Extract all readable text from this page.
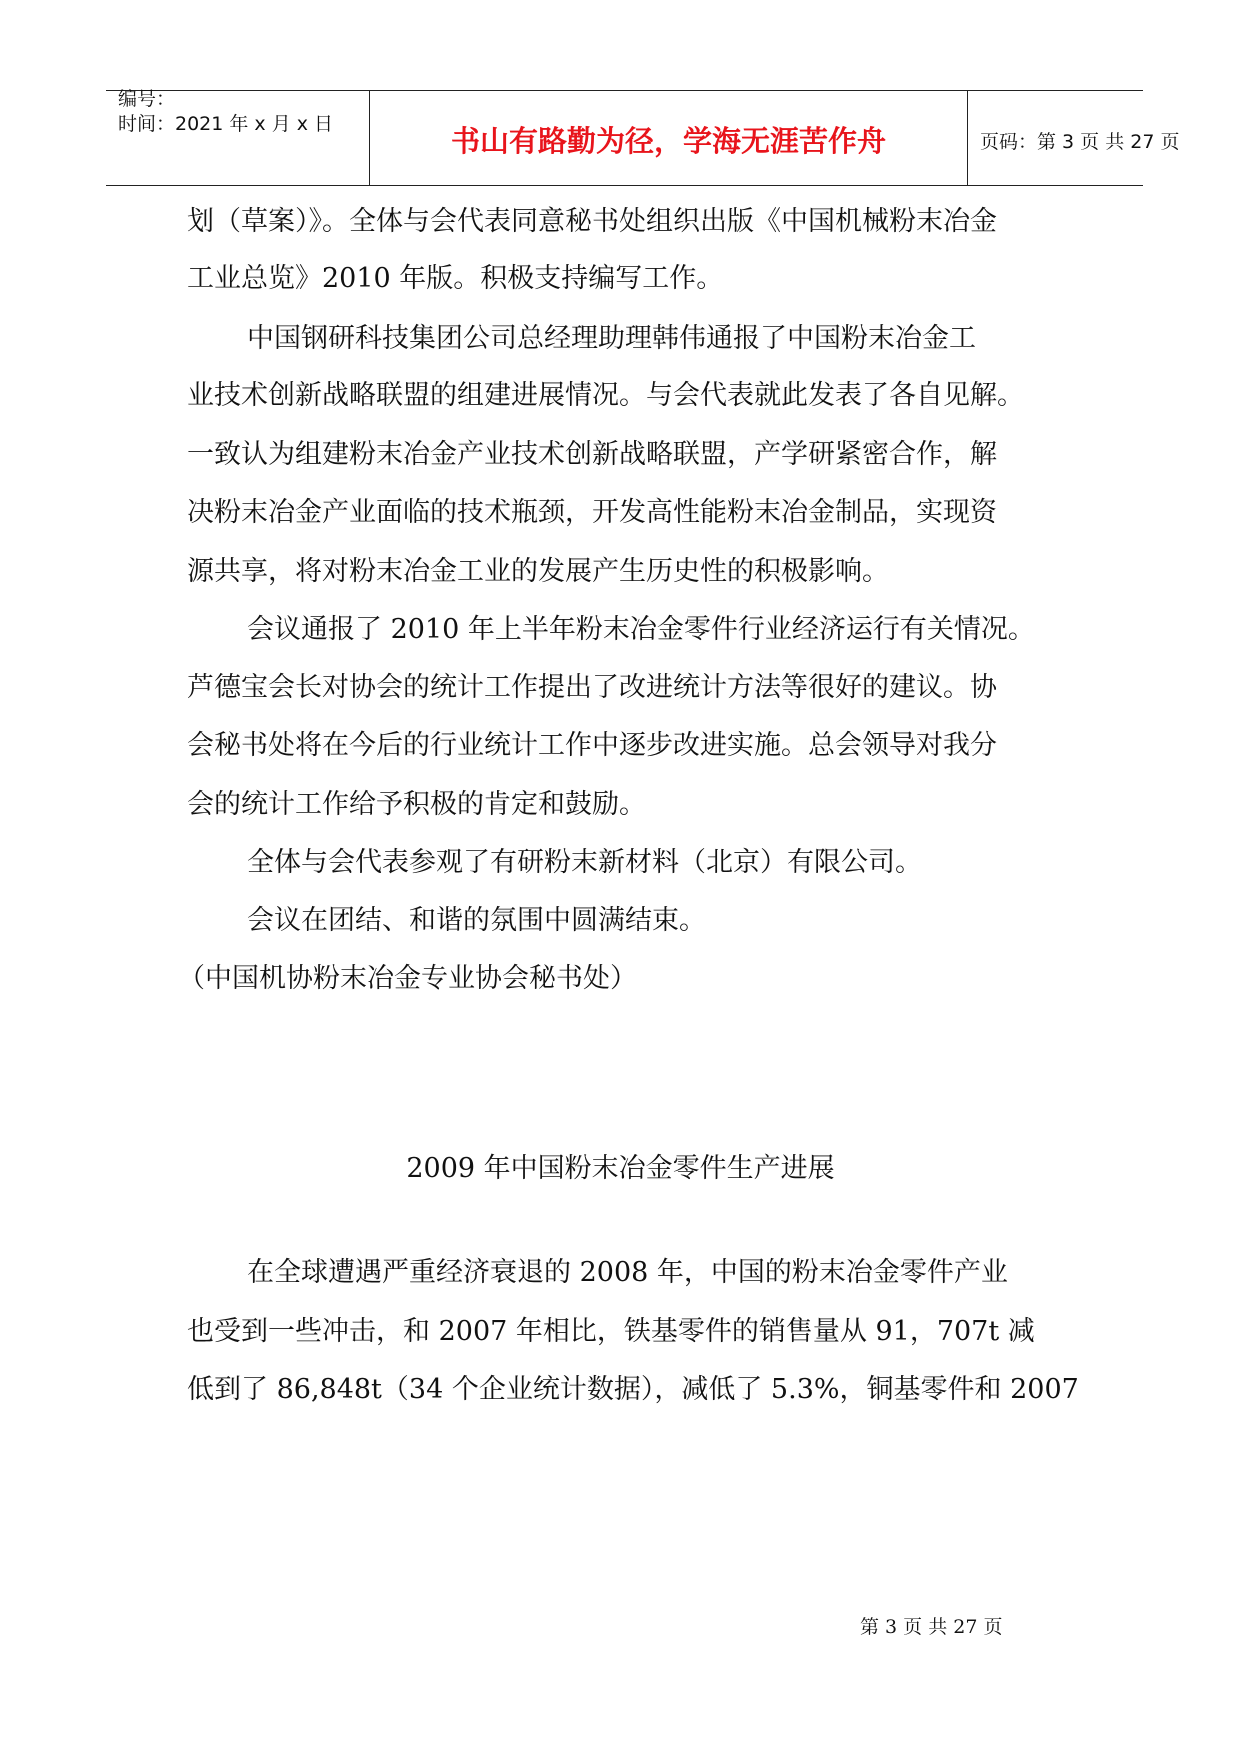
编号：
时间：2021 年 x 月 x 日	书山有路勤为径，学海无涯苦作舟	页码：第 3 页 共 27 页
划（草案）》。全体与会代表同意秘书处组织出版《中国机械粉末冶金
工业总览》2010 年版。积极支持编写工作。
中国钢研科技集团公司总经理助理韩伟通报了中国粉末冶金工
业技术创新战略联盟的组建进展情况。与会代表就此发表了各自见解。
一致认为组建粉末冶金产业技术创新战略联盟，产学研紧密合作，解
决粉末冶金产业面临的技术瓶颈，开发高性能粉末冶金制品，实现资
源共享，将对粉末冶金工业的发展产生历史性的积极影响。
会议通报了 2010 年上半年粉末冶金零件行业经济运行有关情况。
芦德宝会长对协会的统计工作提出了改进统计方法等很好的建议。协
会秘书处将在今后的行业统计工作中逐步改进实施。总会领导对我分
会的统计工作给予积极的肯定和鼓励。
全体与会代表参观了有研粉末新材料（北京）有限公司。
会议在团结、和谐的氛围中圆满结束。
（中国机协粉末冶金专业协会秘书处）
2009 年中国粉末冶金零件生产进展
在全球遭遇严重经济衰退的 2008 年，中国的粉末冶金零件产业
也受到一些冲击，和 2007 年相比，铁基零件的销售量从 91，707t 减
低到了 86,848t（34 个企业统计数据），减低了 5.3%，铜基零件和 2007
第 3 页 共 27 页
